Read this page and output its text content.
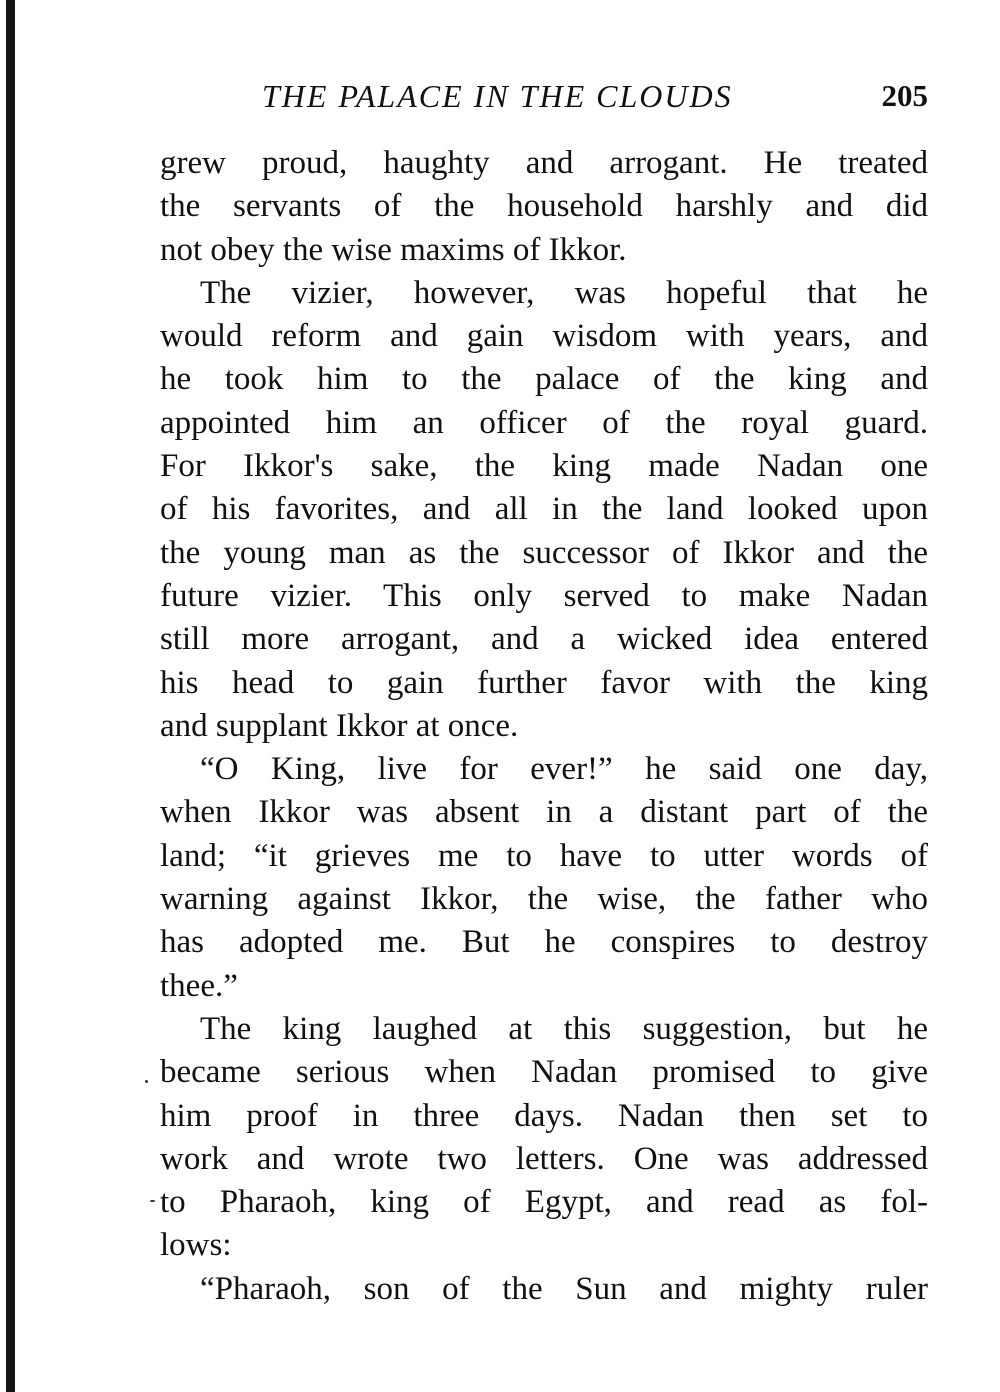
THE PALACE IN THE CLOUDS	205
grew proud, haughty and arrogant. He treated
the servants of the household harshly and did
not obey the wise maxims of Ikkor.
The vizier, however, was hopeful that he
would reform and gain wisdom with years, and
he took him to the palace of the king and
appointed him an officer of the royal guard.
For Ikkor's sake, the king made Nadan one
of his favorites, and all in the land looked upon
the young man as the successor of Ikkor and the
future vizier. This only served to make Nadan
still more arrogant, and a wicked idea entered
his head to gain further favor with the king
and supplant Ikkor at once.
“O King, live for ever!” he said one day,
when Ikkor was absent in a distant part of the
land; “it grieves me to have to utter words of
warning against Ikkor, the wise, the father who
has adopted me. But he conspires to destroy
thee.”
The king laughed at this suggestion, but he
became serious when Nadan promised to give
him proof in three days. Nadan then set to
work and wrote two letters. One was addressed
to Pharaoh, king of Egypt, and read as fol-
lows:
“Pharaoh, son of the Sun and mighty ruler
